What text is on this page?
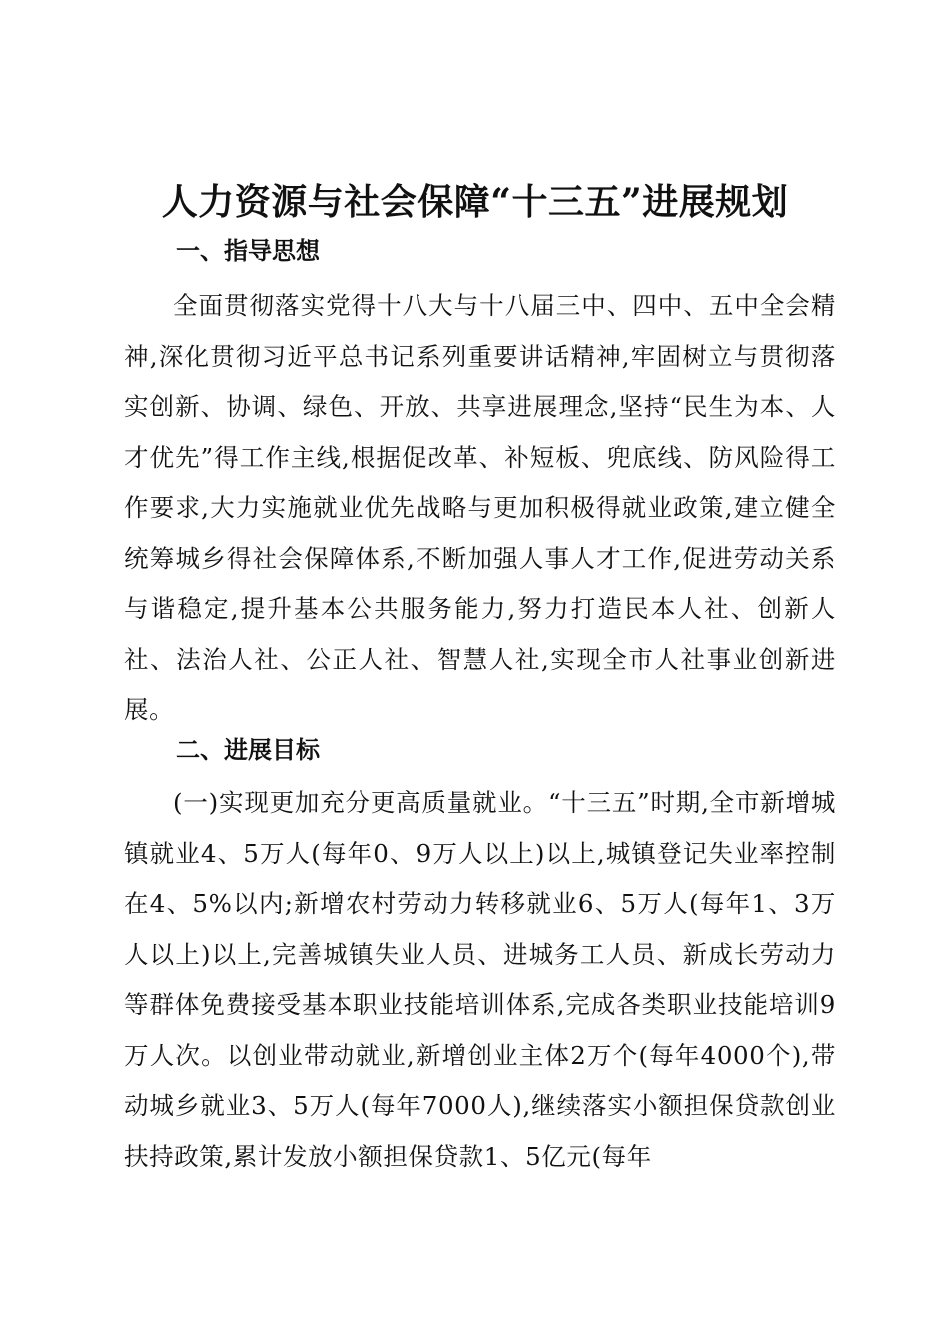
人力资源与社会保障“十三五”进展规划
一、指导思想

全面贯彻落实党得十八大与十八届三中、四中、五中全会精神,深化贯彻习近平总书记系列重要讲话精神,牢固树立与贯彻落实创新、协调、绿色、开放、共享进展理念,坚持“民生为本、人才优先”得工作主线,根据促改革、补短板、兜底线、防风险得工作要求,大力实施就业优先战略与更加积极得就业政策,建立健全统筹城乡得社会保障体系,不断加强人事人才工作,促进劳动关系与谐稳定,提升基本公共服务能力,努力打造民本人社、创新人社、法治人社、公正人社、智慧人社,实现全市人社事业创新进展。

二、进展目标

(一)实现更加充分更高质量就业。“十三五”时期,全市新增城镇就业4、5万人(每年0、9万人以上)以上,城镇登记失业率控制在4、5%以内;新增农村劳动力转移就业6、5万人(每年1、3万人以上)以上,完善城镇失业人员、进城务工人员、新成长劳动力等群体免费接受基本职业技能培训体系,完成各类职业技能培训9万人次。以创业带动就业,新增创业主体2万个(每年4000个),带动城乡就业3、5万人(每年7000人),继续落实小额担保贷款创业扶持政策,累计发放小额担保贷款1、5亿元(每年
